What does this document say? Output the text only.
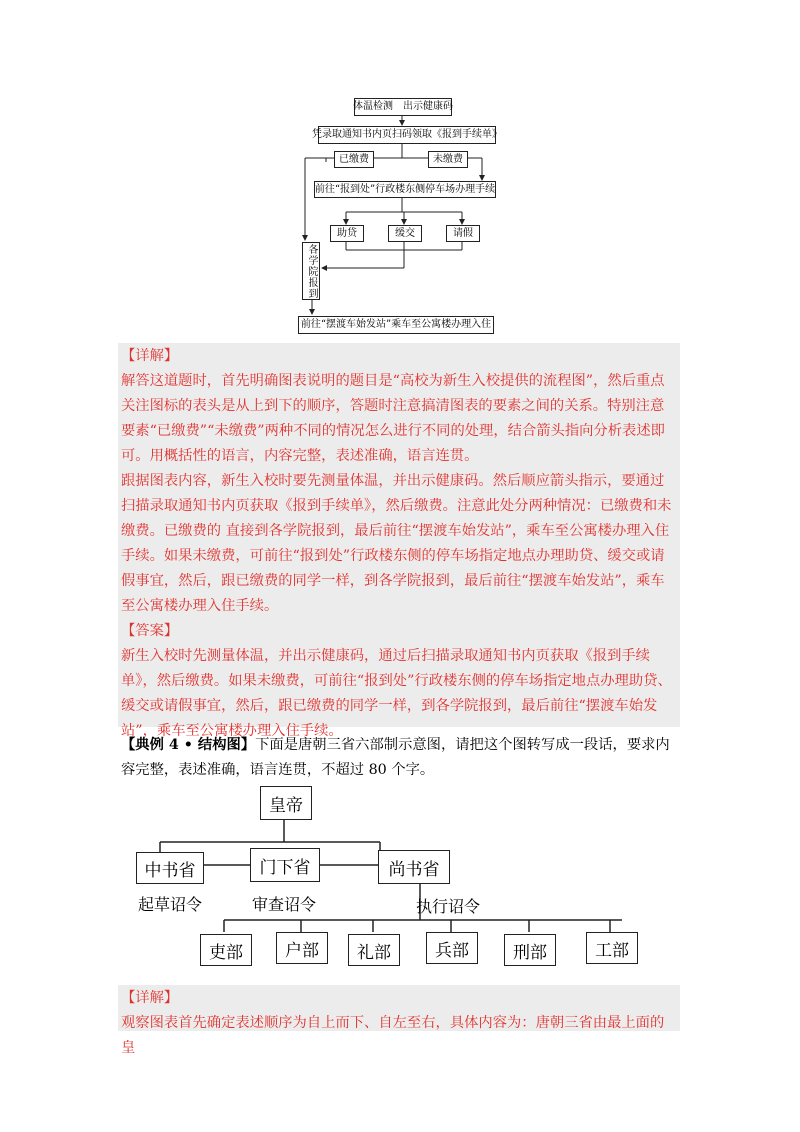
体温检测　出示健康码
凭录取通知书内页扫码领取《报到手续单》
已缴费	未缴费
前往“报到处”行政楼东侧停车场办理手续
助贷	缓交	请假
各学院报到
前往“摆渡车始发站”乘车至公寓楼办理入住
【详解】
解答这道题时，首先明确图表说明的题目是“高校为新生入校提供的流程图”，然后重点关注图标的表头是从上到下的顺序，答题时注意搞清图表的要素之间的关系。特别注意要素“已缴费”“未缴费”两种不同的情况怎么进行不同的处理，结合箭头指向分析表述即可。用概括性的语言，内容完整，表述准确，语言连贯。
跟据图表内容，新生入校时要先测量体温，并出示健康码。然后顺应箭头指示，要通过扫描录取通知书内页获取《报到手续单》，然后缴费。注意此处分两种情况：已缴费和未缴费。已缴费的 直接到各学院报到，最后前往“摆渡车始发站”，乘车至公寓楼办理入住手续。如果未缴费，可前往“报到处”行政楼东侧的停车场指定地点办理助贷、缓交或请假事宜，然后，跟已缴费的同学一样，到各学院报到，最后前往“摆渡车始发站”，乘车至公寓楼办理入住手续。
【答案】
新生入校时先测量体温，并出示健康码，通过后扫描录取通知书内页获取《报到手续单》，然后缴费。如果未缴费，可前往“报到处”行政楼东侧的停车场指定地点办理助贷、缓交或请假事宜，然后，跟已缴费的同学一样，到各学院报到，最后前往“摆渡车始发站”，乘车至公寓楼办理入住手续。
【典例 4 • 结构图】下面是唐朝三省六部制示意图，请把这个图转写成一段话，要求内容完整，表述准确，语言连贯，不超过 80 个字。
皇帝
中书省	门下省	尚书省
起草诏令	审查诏令	执行诏令
吏部	户部	礼部	兵部	刑部	工部
【详解】
观察图表首先确定表述顺序为自上而下、自左至右，具体内容为：唐朝三省由最上面的皇
